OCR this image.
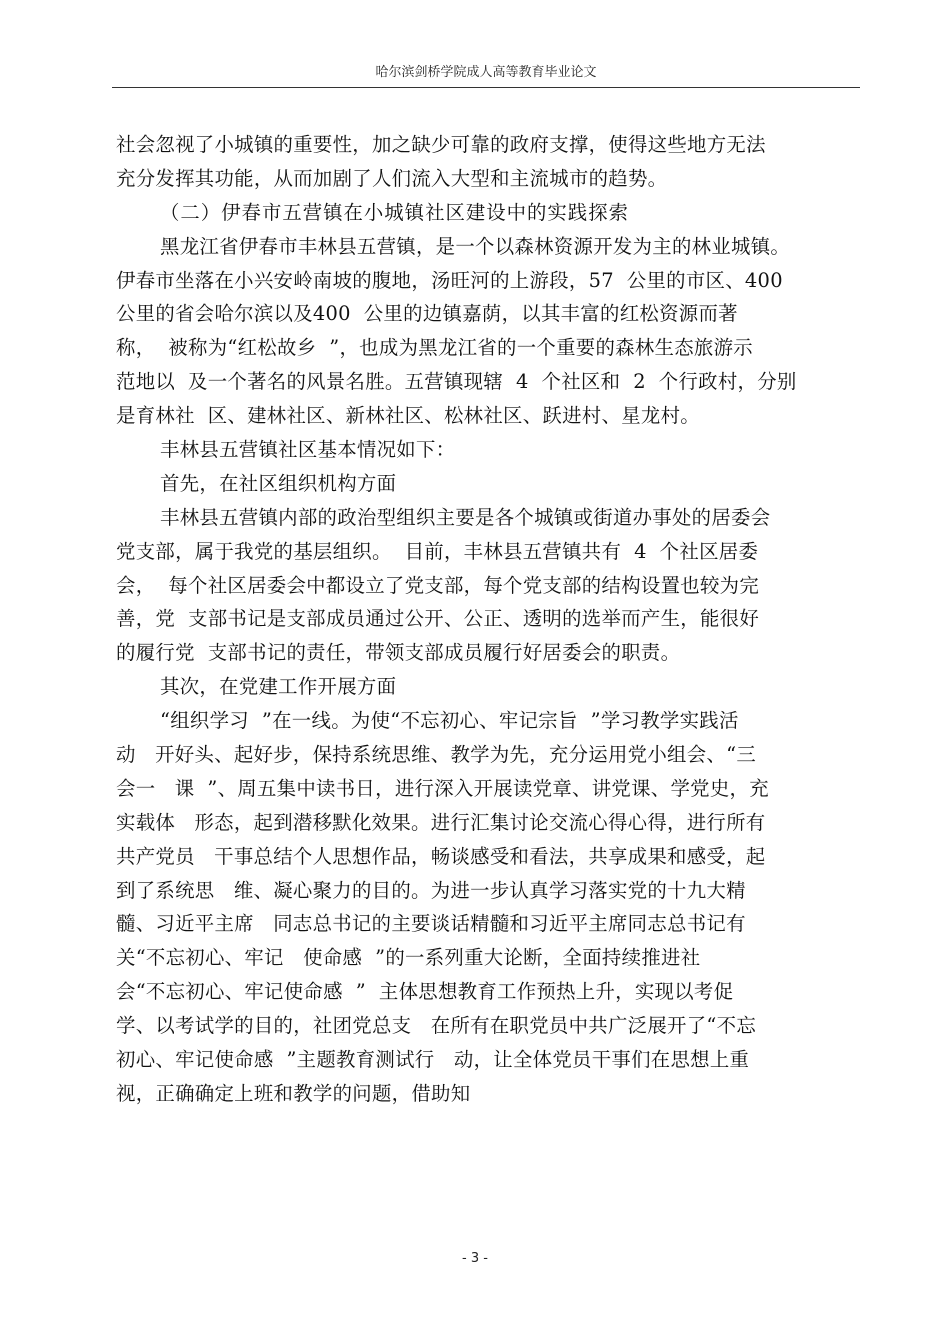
哈尔滨剑桥学院成人高等教育毕业论文
社会忽视了小城镇的重要性，加之缺少可靠的政府支撑，使得这些地方无法
充分发挥其功能，从而加剧了人们流入大型和主流城市的趋势。
（二）伊春市五营镇在小城镇社区建设中的实践探索
黑龙江省伊春市丰林县五营镇，是一个以森林资源开发为主的林业城镇。
伊春市坐落在小兴安岭南坡的腹地，汤旺河的上游段，57  公里的市区、400
公里的省会哈尔滨以及400  公里的边镇嘉荫，以其丰富的红松资源而著
称，  被称为“红松故乡  ”，也成为黑龙江省的一个重要的森林生态旅游示
范地以  及一个著名的风景名胜。五营镇现辖  4  个社区和  2  个行政村，分别
是育林社  区、建林社区、新林社区、松林社区、跃进村、星龙村。
丰林县五营镇社区基本情况如下：
首先，在社区组织机构方面
丰林县五营镇内部的政治型组织主要是各个城镇或街道办事处的居委会
党支部，属于我党的基层组织。  目前，丰林县五营镇共有  4  个社区居委
会，  每个社区居委会中都设立了党支部，每个党支部的结构设置也较为完
善，党  支部书记是支部成员通过公开、公正、透明的选举而产生，能很好
的履行党  支部书记的责任，带领支部成员履行好居委会的职责。
其次，在党建工作开展方面
“组织学习  ”在一线。为使“不忘初心、牢记宗旨  ”学习教学实践活
动   开好头、起好步，保持系统思维、教学为先，充分运用党小组会、“三
会一   课  ”、周五集中读书日，进行深入开展读党章、讲党课、学党史，充
实载体   形态，起到潜移默化效果。进行汇集讨论交流心得心得，进行所有
共产党员   干事总结个人思想作品，畅谈感受和看法，共享成果和感受，起
到了系统思   维、凝心聚力的目的。为进一步认真学习落实党的十九大精
髓、习近平主席   同志总书记的主要谈话精髓和习近平主席同志总书记有
关“不忘初心、牢记   使命感  ”的一系列重大论断，全面持续推进社
会“不忘初心、牢记使命感  ”  主体思想教育工作预热上升，实现以考促
学、以考试学的目的，社团党总支   在所有在职党员中共广泛展开了“不忘
初心、牢记使命感  ”主题教育测试行   动，让全体党员干事们在思想上重
视，正确确定上班和教学的问题，借助知
- 3 -
